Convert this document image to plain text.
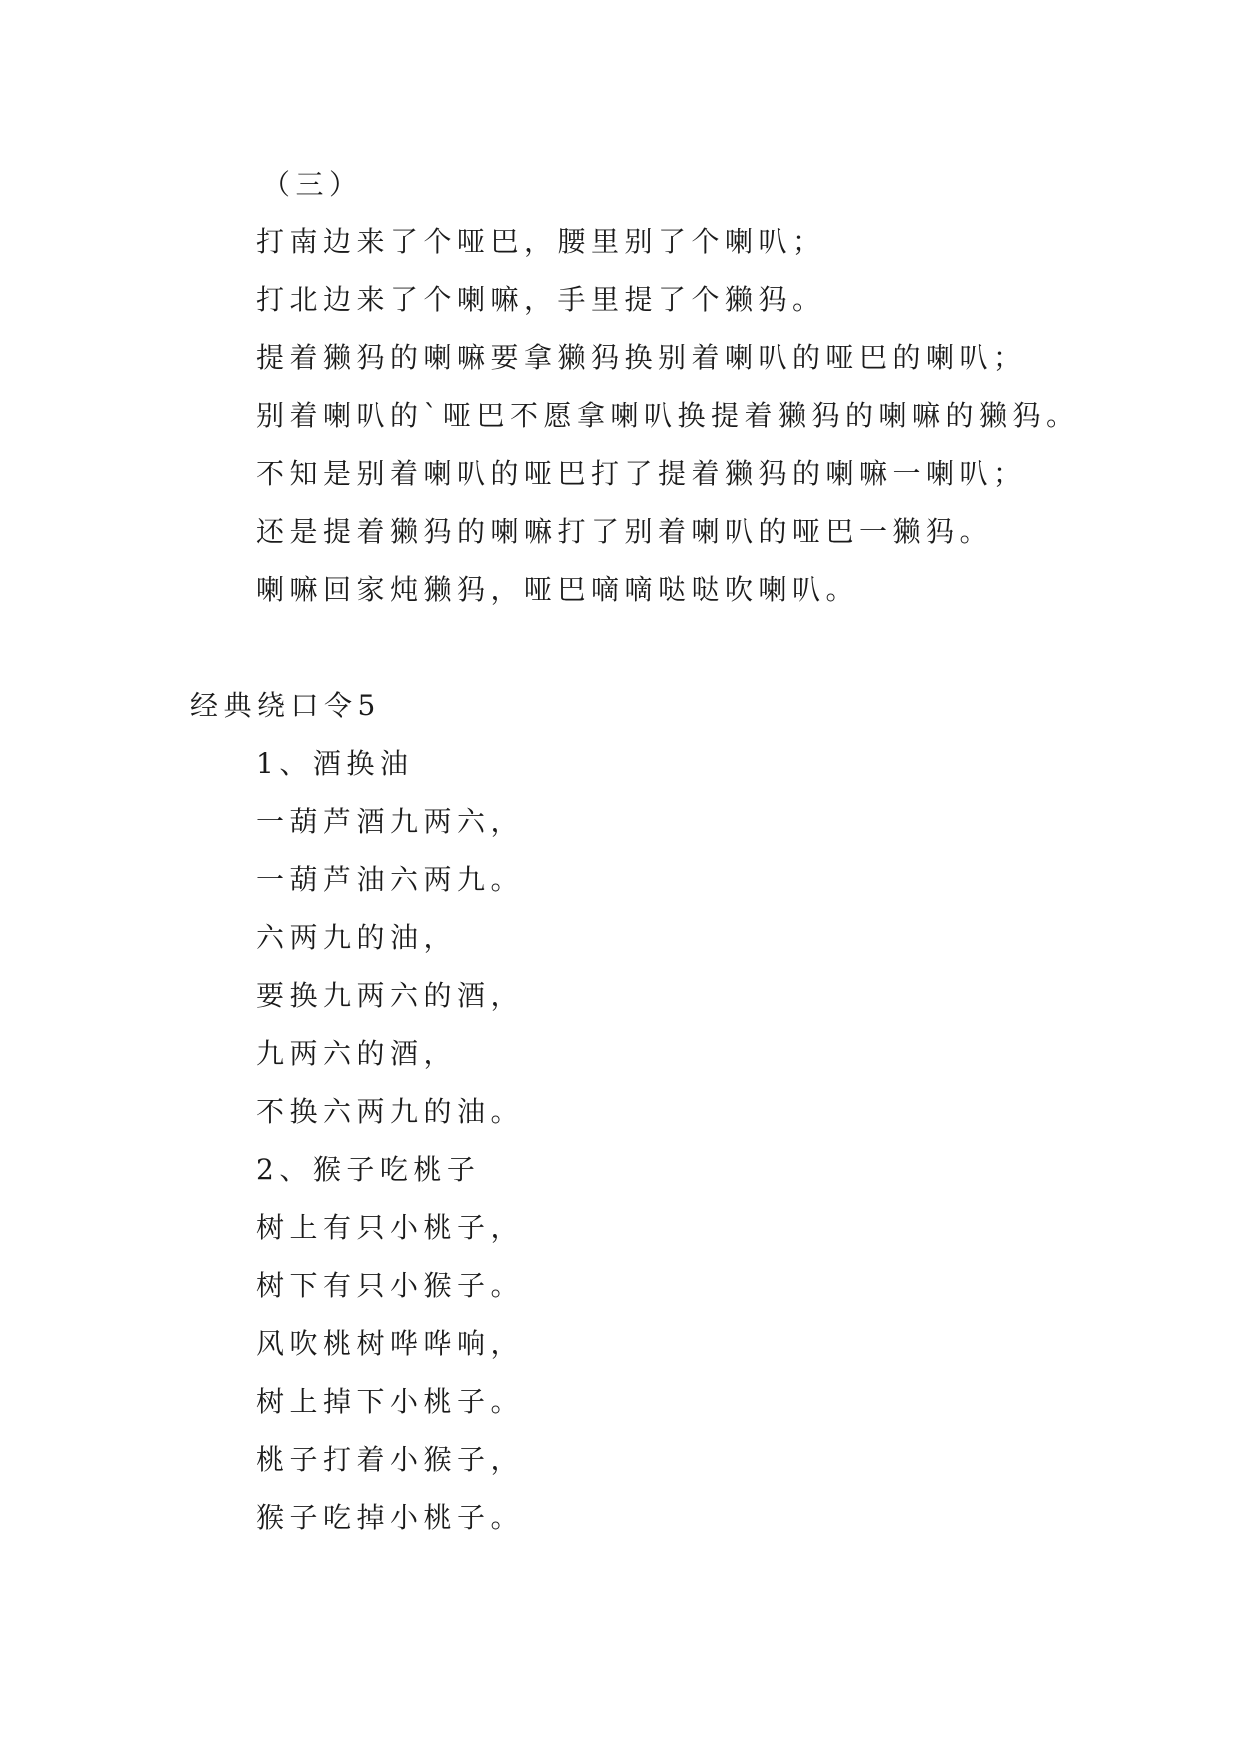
（三）
打南边来了个哑巴，腰里别了个喇叭；
打北边来了个喇嘛，手里提了个獭犸。
提着獭犸的喇嘛要拿獭犸换别着喇叭的哑巴的喇叭；
别着喇叭的`哑巴不愿拿喇叭换提着獭犸的喇嘛的獭犸。
不知是别着喇叭的哑巴打了提着獭犸的喇嘛一喇叭；
还是提着獭犸的喇嘛打了别着喇叭的哑巴一獭犸。
喇嘛回家炖獭犸，哑巴嘀嘀哒哒吹喇叭。
经典绕口令5
1、酒换油
一葫芦酒九两六，
一葫芦油六两九。
六两九的油，
要换九两六的酒，
九两六的酒，
不换六两九的油。
2、猴子吃桃子
树上有只小桃子，
树下有只小猴子。
风吹桃树哗哗响，
树上掉下小桃子。
桃子打着小猴子，
猴子吃掉小桃子。
